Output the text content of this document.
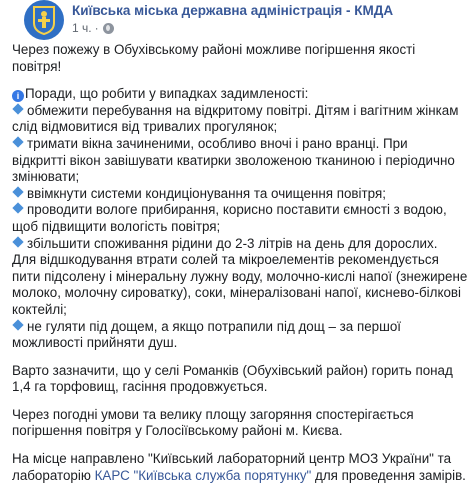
Київська міська державна адміністрація - КМДА
1 ч. ·
Через пожежу в Обухівському районі можливе погіршення якості
повітря!
i Поради, що робити у випадках задимленості:
обмежити перебування на відкритому повітрі. Дітям і вагітним жінкам
слід відмовитися від тривалих прогулянок;
тримати вікна зачиненими, особливо вночі і рано вранці. При
відкритті вікон завішувати кватирки зволоженою тканиною і періодично
змінювати;
ввімкнути системи кондиціонування та очищення повітря;
проводити вологе прибирання, корисно поставити ємності з водою,
щоб підвищити вологість повітря;
збільшити споживання рідини до 2-3 літрів на день для дорослих.
Для відшкодування втрати солей та мікроелементів рекомендується
пити підсолену і мінеральну лужну воду, молочно-кислі напої (знежирене
молоко, молочну сироватку), соки, мінералізовані напої, киснево-білкові
коктейлі;
не гуляти під дощем, а якщо потрапили під дощ – за першої
можливості прийняти душ.
Варто зазначити, що у селі Романків (Обухівський район) горить понад
1,4 га торфовищ, гасіння продовжується.
Через погодні умови та велику площу загоряння спостерігається
погіршення повітря у Голосіївському районі м. Києва.
На місце направлено "Київський лабораторний центр МОЗ України" та
лабораторію КАРС "Київська служба порятунку" для проведення замірів.
